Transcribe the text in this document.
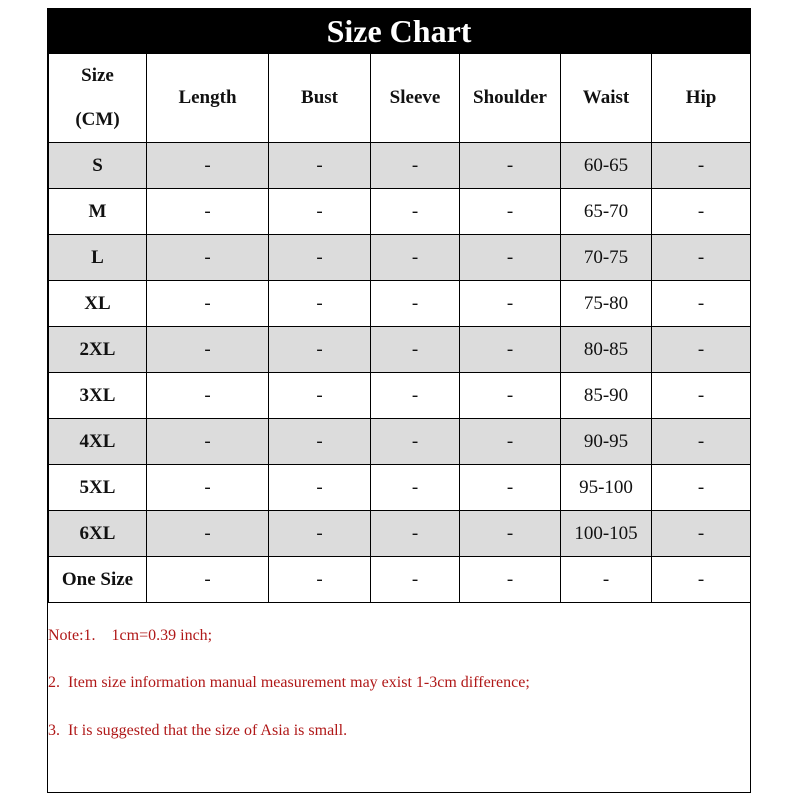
Size Chart
Size

(CM)	Length	Bust	Sleeve	Shoulder	Waist	Hip
S	-	-	-	-	60-65	-
M	-	-	-	-	65-70	-
L	-	-	-	-	70-75	-
XL	-	-	-	-	75-80	-
2XL	-	-	-	-	80-85	-
3XL	-	-	-	-	85-90	-
4XL	-	-	-	-	90-95	-
5XL	-	-	-	-	95-100	-
6XL	-	-	-	-	100-105	-
One Size	-	-	-	-	-	-
Note:1.    1cm=0.39 inch;
2.  Item size information manual measurement may exist 1-3cm difference;
3.  It is suggested that the size of Asia is small.
